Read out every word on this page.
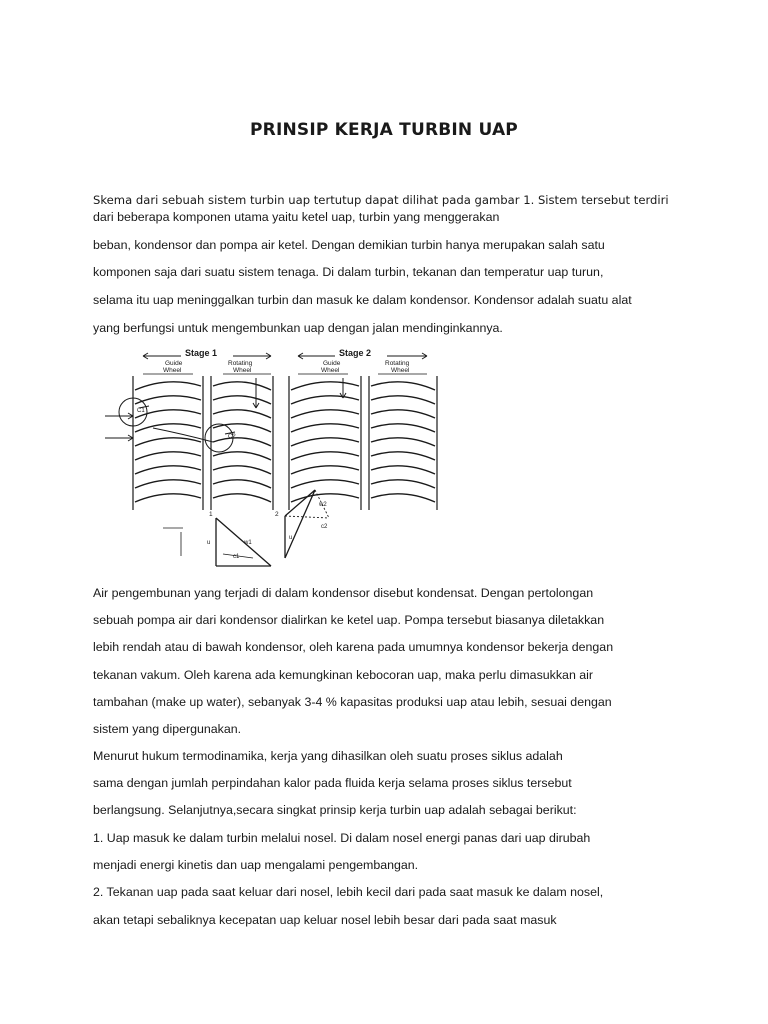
PRINSIP KERJA TURBIN UAP
Skema dari sebuah sistem turbin uap tertutup dapat dilihat pada gambar 1. Sistem tersebut terdiri
dari beberapa komponen utama yaitu ketel uap, turbin yang menggerakan
beban, kondensor dan pompa air ketel. Dengan demikian turbin hanya merupakan salah satu
komponen saja dari suatu sistem tenaga. Di dalam turbin, tekanan dan temperatur uap turun,
selama itu uap meninggalkan turbin dan masuk ke dalam kondensor. Kondensor adalah suatu alat
yang berfungsi untuk mengembunkan uap dengan jalan mendinginkannya.
Stage 1	Stage 2
Guide
Wheel
Rotating
Wheel
Guide
Wheel
Rotating
Wheel
C1
C2
1	2
u
u
w1
c1
c2
w2
Air pengembunan yang terjadi di dalam kondensor disebut kondensat. Dengan pertolongan
sebuah pompa air dari kondensor dialirkan ke ketel uap. Pompa tersebut biasanya diletakkan
lebih rendah atau di bawah kondensor, oleh karena pada umumnya kondensor bekerja dengan
tekanan vakum. Oleh karena ada kemungkinan kebocoran uap, maka perlu dimasukkan air
tambahan (make up water), sebanyak 3-4 % kapasitas produksi uap atau lebih, sesuai dengan
sistem yang dipergunakan.
Menurut hukum termodinamika, kerja yang dihasilkan oleh suatu proses siklus adalah
sama dengan jumlah perpindahan kalor pada fluida kerja selama proses siklus tersebut
berlangsung. Selanjutnya,secara singkat prinsip kerja turbin uap adalah sebagai berikut:
1. Uap masuk ke dalam turbin melalui nosel. Di dalam nosel energi panas dari uap dirubah
menjadi energi kinetis dan uap mengalami pengembangan.
2. Tekanan uap pada saat keluar dari nosel, lebih kecil dari pada saat masuk ke dalam nosel,
akan tetapi sebaliknya kecepatan uap keluar nosel lebih besar dari pada saat masuk
